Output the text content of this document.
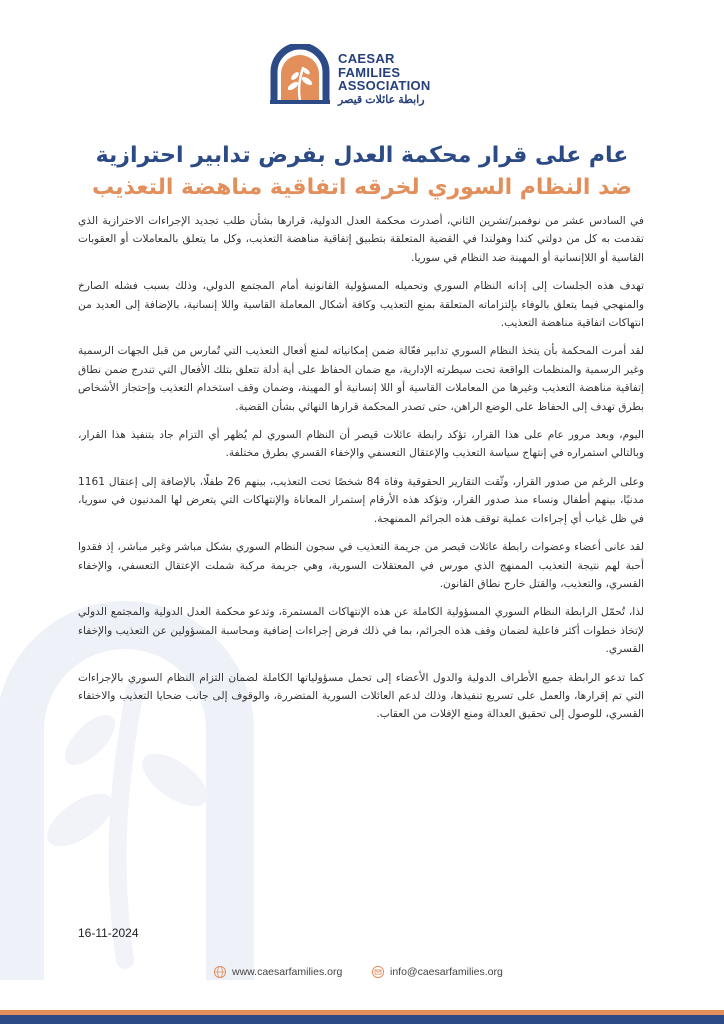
CAESAR
FAMILIES
ASSOCIATION
رابطة عائلات قيصر
عام على قرار محكمة العدل بفرض تدابير احترازية
ضد النظام السوري لخرقه اتفاقية مناهضة التعذيب

في السادس عشر من نوفمبر/تشرين الثاني، أصدرت محكمة العدل الدولية، قرارها بشأن طلب تجديد الإجراءات الاحترازية الذي تقدمت به كل من دولتي كندا وهولندا في القضية المتعلقة بتطبيق إتفاقية مناهضة التعذيب، وكل ما يتعلق بالمعاملات أو العقوبات القاسية أو اللاإنسانية أو المهينة ضد النظام في سوريا.

تهدف هذه الجلسات إلى إدانه النظام السوري وتحميله المسؤولية القانونية أمام المجتمع الدولي، وذلك بسبب فشله الصارخ والمنهجي فيما يتعلق بالوفاء بإلتزاماته المتعلقة بمنع التعذيب وكافة أشكال المعاملة القاسية واللا إنسانية، بالإضافة إلى العديد من انتهاكات اتفاقية مناهضة التعذيب.

لقد أمرت المحكمة بأن يتخذ النظام السوري تدابير فعّالة ضمن إمكانياته لمنع أفعال التعذيب التي تُمارس من قبل الجهات الرسمية وغير الرسمية والمنظمات الواقعة تحت سيطرته الإدارية، مع ضمان الحفاظ على أية أدلة تتعلق بتلك الأفعال التي تندرج ضمن نطاق إتفاقية مناهضة التعذيب وغيرها من المعاملات القاسية أو اللا إنسانية أو المهينة، وضمان وقف استخدام التعذيب وإحتجاز الأشخاص بطرق تهدف إلى الحفاظ على الوضع الراهن، حتى تصدر المحكمة قرارها النهائي بشأن القضية.

اليوم، وبعد مرور عام على هذا القرار، تؤكد رابطة عائلات قيصر أن النظام السوري لم يُظهر أي التزام جاد بتنفيذ هذا القرار، وبالتالي استمراره في إنتهاج سياسة التعذيب والإعتقال التعسفي والإخفاء القسري بطرق مختلفة.

وعلى الرغم من صدور القرار، وثّقت التقارير الحقوقية وفاة 84 شخصًا تحت التعذيب، بينهم 26 طفلًا، بالإضافة إلى إعتقال 1161 مدنيًا، بينهم أطفال ونساء منذ صدور القرار، وتؤكد هذه الأرقام إستمرار المعاناة والإنتهاكات التي يتعرض لها المدنيون في سوريا، في ظل غياب أي إجراءات عملية توقف هذه الجرائم الممنهجة.

لقد عانى أعضاء وعضوات رابطة عائلات قيصر من جريمة التعذيب في سجون النظام السوري بشكل مباشر وغير مباشر، إذ فقدوا أحبة لهم نتيجة التعذيب الممنهج الذي مورس في المعتقلات السورية، وهي جريمة مركبة شملت الإعتقال التعسفي، والإخفاء القسري، والتعذيب، والقتل خارج نطاق القانون.

لذا، تُحمّل الرابطة النظام السوري المسؤولية الكاملة عن هذه الإنتهاكات المستمرة، وتدعو محكمة العدل الدولية والمجتمع الدولي لإتخاذ خطوات أكثر فاعلية لضمان وقف هذه الجرائم، بما في ذلك فرض إجراءات إضافية ومحاسبة المسؤولين عن التعذيب والإخفاء القسري.

كما تدعو الرابطة جميع الأطراف الدولية والدول الأعضاء إلى تحمل مسؤولياتها الكاملة لضمان التزام النظام السوري بالإجراءات التي تم إقرارها، والعمل على تسريع تنفيذها، وذلك لدعم العائلات السورية المتضررة، والوقوف إلى جانب ضحايا التعذيب والاختفاء القسري، للوصول إلى تحقيق العدالة ومنع الإفلات من العقاب.

16-11-2024
www.caesarfamilies.org	info@caesarfamilies.org
